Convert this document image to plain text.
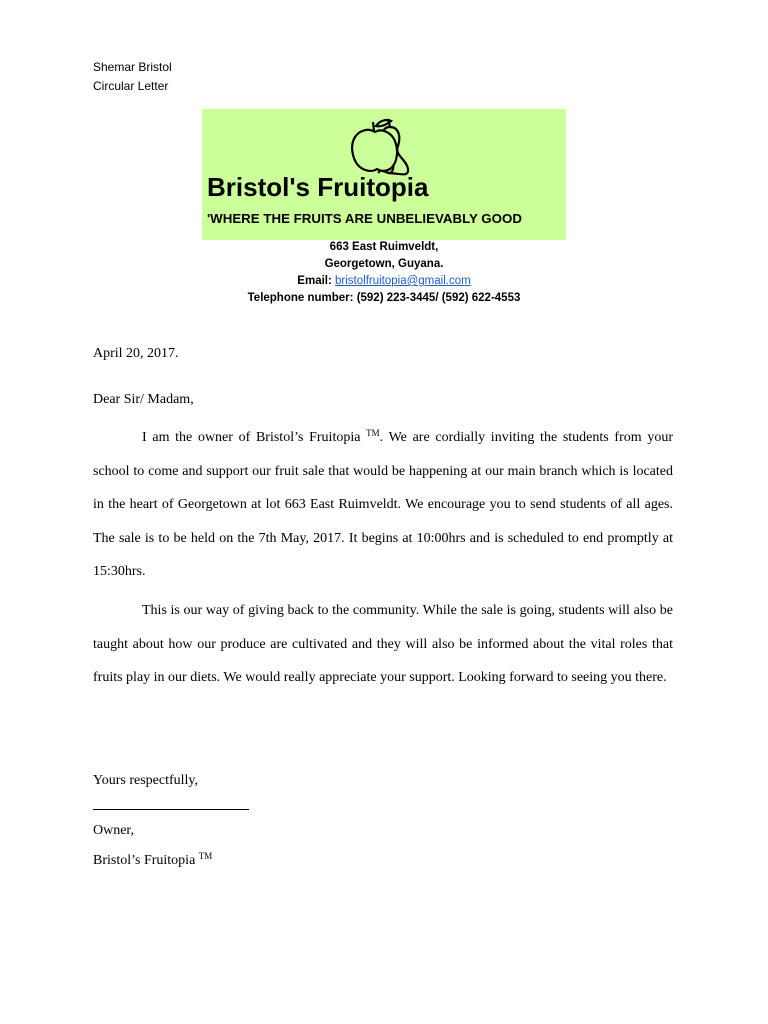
Shemar Bristol
Circular Letter
Bristol's Fruitopia
'WHERE THE FRUITS ARE UNBELIEVABLY GOOD
663 East Ruimveldt,
Georgetown, Guyana.
Email: bristolfruitopia@gmail.com
Telephone number: (592) 223-3445/ (592) 622-4553
April 20, 2017.
Dear Sir/ Madam,
I am the owner of Bristol’s Fruitopia ™. We are cordially inviting the students from your school to come and support our fruit sale that would be happening at our main branch which is located in the heart of Georgetown at lot 663 East Ruimveldt. We encourage you to send students of all ages. The sale is to be held on the 7th May, 2017. It begins at 10:00hrs and is scheduled to end promptly at 15:30hrs.
This is our way of giving back to the community. While the sale is going, students will also be taught about how our produce are cultivated and they will also be informed about the vital roles that fruits play in our diets. We would really appreciate your support. Looking forward to seeing you there.
Yours respectfully,
Owner,
Bristol’s Fruitopia ™
